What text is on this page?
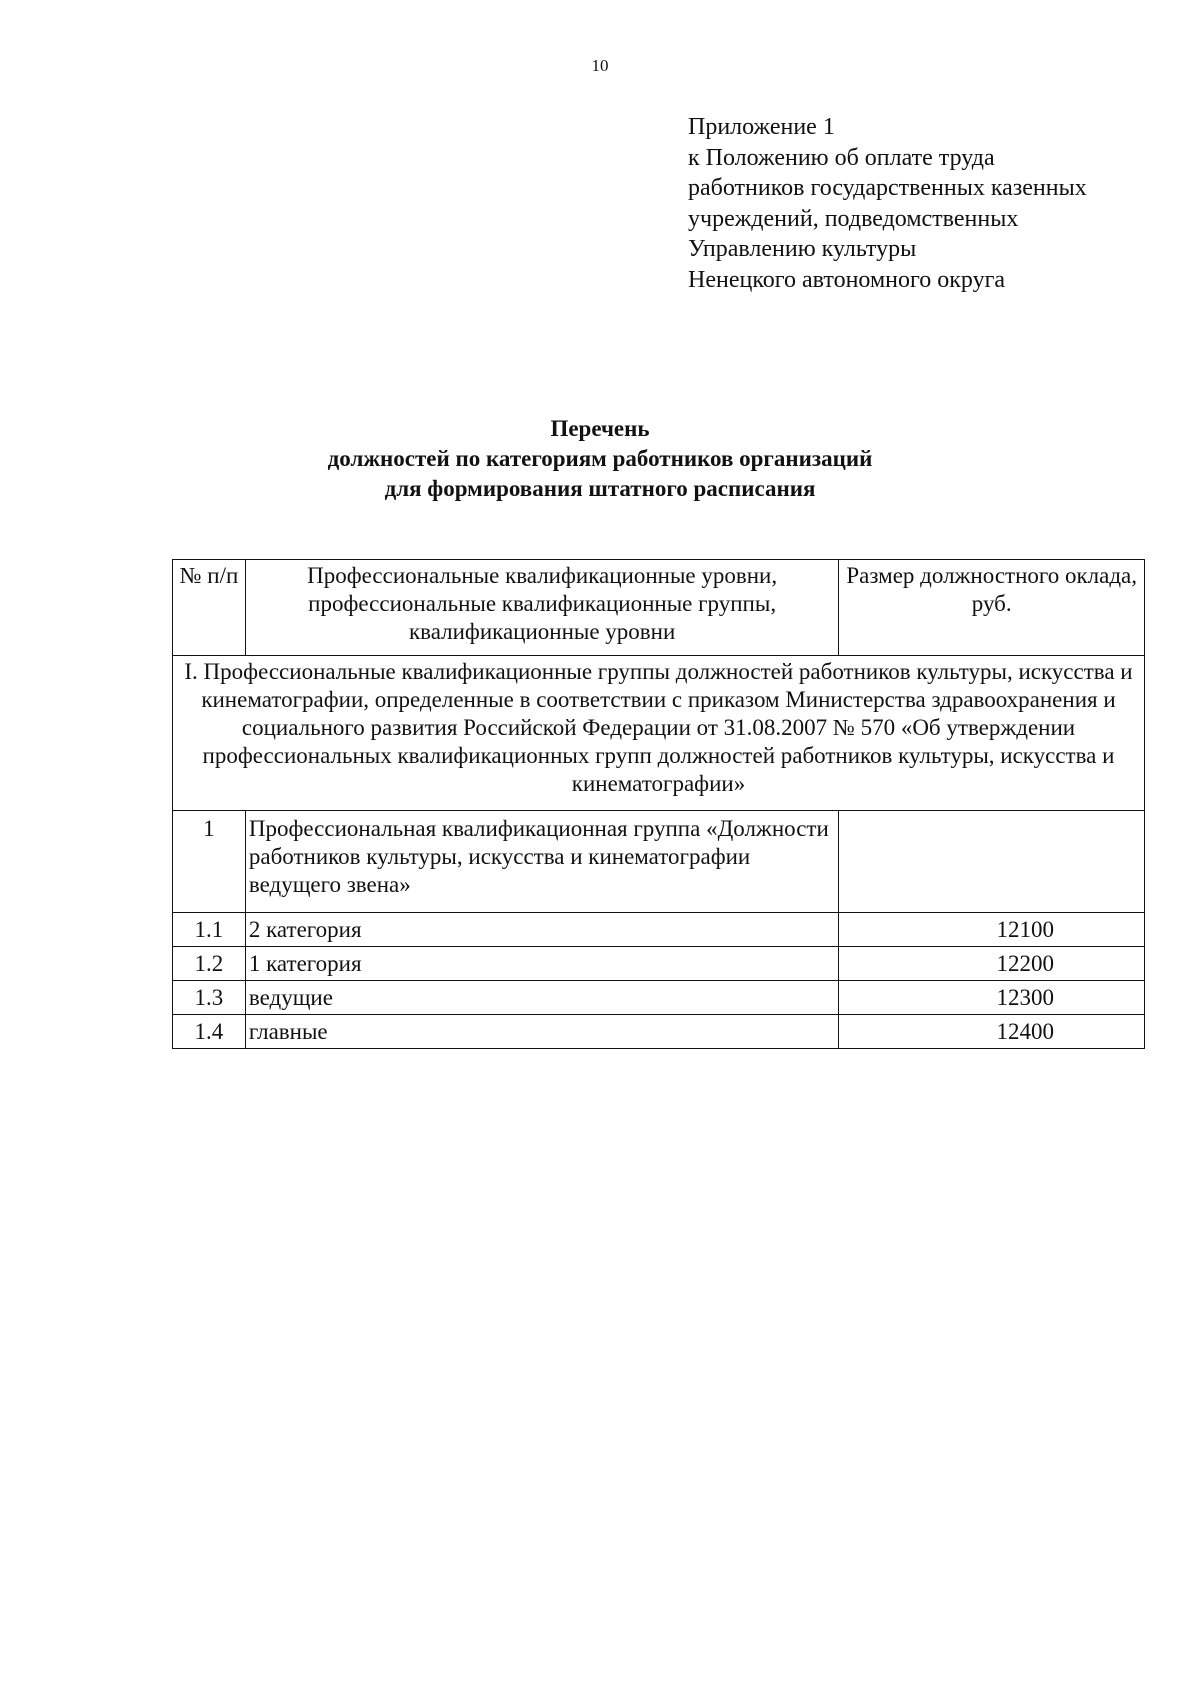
10
Приложение 1
к Положению об оплате труда
работников государственных казенных
учреждений, подведомственных
Управлению культуры
Ненецкого автономного округа
Перечень
должностей по категориям работников организаций
для формирования штатного расписания
№ п/п	Профессиональные квалификационные уровни, профессиональные квалификационные группы, квалификационные уровни	Размер должностного оклада, руб.
I. Профессиональные квалификационные группы должностей работников культуры, искусства и кинематографии, определенные в соответствии с приказом Министерства здравоохранения и социального развития Российской Федерации от 31.08.2007 № 570 «Об утверждении профессиональных квалификационных групп должностей работников культуры, искусства и кинематографии»		
1	Профессиональная квалификационная группа «Должности работников культуры, искусства и кинематографии ведущего звена»	
1.1	2 категория	12100
1.2	1 категория	12200
1.3	ведущие	12300
1.4	главные	12400
